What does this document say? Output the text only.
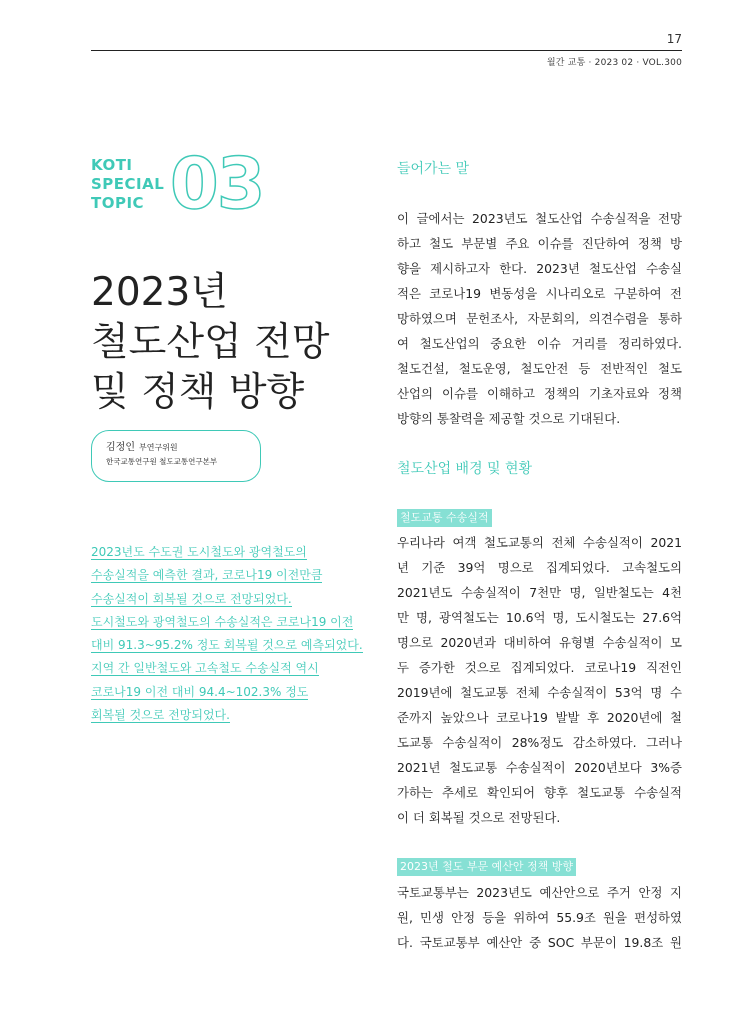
17
월간 교통 · 2023 02 · VOL.300
KOTI
SPECIAL
TOPIC 03
2023년
철도산업 전망
및 정책 방향
김정인 부연구위원
한국교통연구원 철도교통연구본부
2023년도 수도권 도시철도와 광역철도의
수송실적을 예측한 결과, 코로나19 이전만큼
수송실적이 회복될 것으로 전망되었다.
도시철도와 광역철도의 수송실적은 코로나19 이전
대비 91.3~95.2% 정도 회복될 것으로 예측되었다.
지역 간 일반철도와 고속철도 수송실적 역시
코로나19 이전 대비 94.4~102.3% 정도
회복될 것으로 전망되었다.
들어가는 말
이 글에서는 2023년도 철도산업 수송실적을 전망
하고 철도 부문별 주요 이슈를 진단하여 정책 방
향을 제시하고자 한다. 2023년 철도산업 수송실
적은 코로나19 변동성을 시나리오로 구분하여 전
망하였으며 문헌조사, 자문회의, 의견수렴을 통하
여 철도산업의 중요한 이슈 거리를 정리하였다.
철도건설, 철도운영, 철도안전 등 전반적인 철도
산업의 이슈를 이해하고 정책의 기초자료와 정책
방향의 통찰력을 제공할 것으로 기대된다.
철도산업 배경 및 현황
철도교통 수송실적
우리나라 여객 철도교통의 전체 수송실적이 2021
년 기준 39억 명으로 집계되었다. 고속철도의
2021년도 수송실적이 7천만 명, 일반철도는 4천
만 명, 광역철도는 10.6억 명, 도시철도는 27.6억
명으로 2020년과 대비하여 유형별 수송실적이 모
두 증가한 것으로 집계되었다. 코로나19 직전인
2019년에 철도교통 전체 수송실적이 53억 명 수
준까지 높았으나 코로나19 발발 후 2020년에 철
도교통 수송실적이 28%정도 감소하였다. 그러나
2021년 철도교통 수송실적이 2020년보다 3%증
가하는 추세로 확인되어 향후 철도교통 수송실적
이 더 회복될 것으로 전망된다.
2023년 철도 부문 예산안 정책 방향
국토교통부는 2023년도 예산안으로 주거 안정 지
원, 민생 안정 등을 위하여 55.9조 원을 편성하였
다. 국토교통부 예산안 중 SOC 부문이 19.8조 원
